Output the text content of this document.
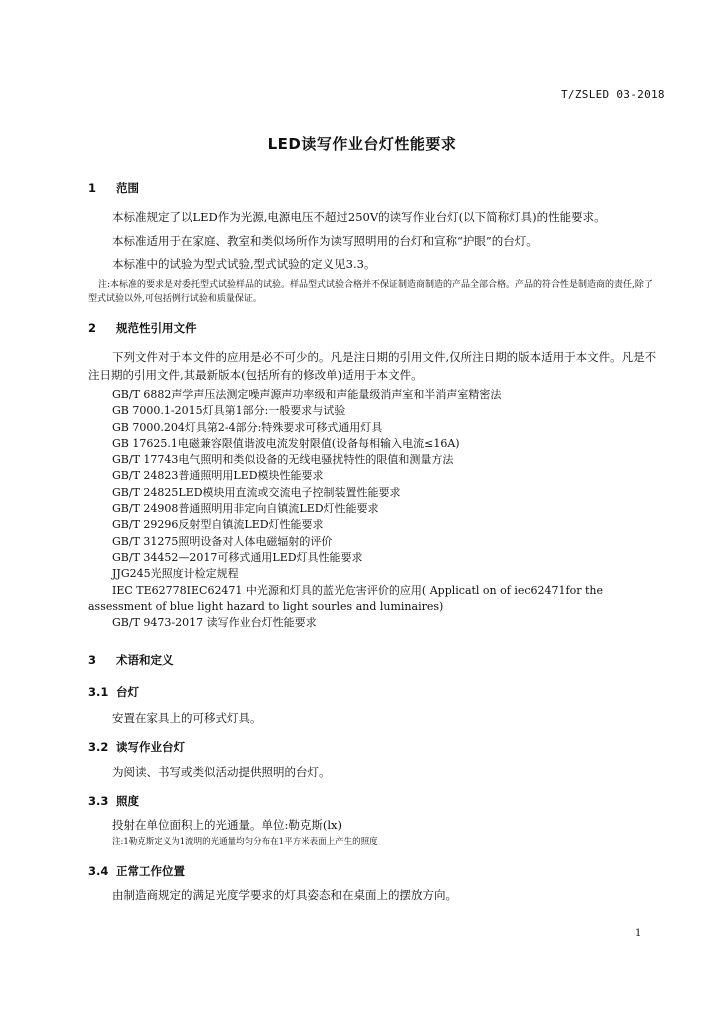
T/ZSLED 03-2018
LED读写作业台灯性能要求
1 范围
本标准规定了以LED作为光源,电源电压不超过250V的读写作业台灯(以下简称灯具)的性能要求。
本标准适用于在家庭、教室和类似场所作为读写照明用的台灯和宣称“护眼”的台灯。
本标准中的试验为型式试验,型式试验的定义见3.3。
注:本标准的要求是对委托型式试验样品的试验。样品型式试验合格并不保证制造商制造的产品全部合格。产品的符合性是制造商的责任,除了型式试验以外,可包括例行试验和质量保证。
2 规范性引用文件
下列文件对于本文件的应用是必不可少的。凡是注日期的引用文件,仅所注日期的版本适用于本文件。凡是不注日期的引用文件,其最新版本(包括所有的修改单)适用于本文件。
GB/T 6882声学声压法测定噪声源声功率级和声能量级消声室和半消声室精密法
GB 7000.1-2015灯具第1部分:一般要求与试验
GB 7000.204灯具第2-4部分:特殊要求可移式通用灯具
GB 17625.1电磁兼容限值谐波电流发射限值(设备每相输入电流≤16A)
GB/T 17743电气照明和类似设备的无线电骚扰特性的限值和测量方法
GB/T 24823普通照明用LED模块性能要求
GB/T 24825LED模块用直流或交流电子控制装置性能要求
GB/T 24908普通照明用非定向自镇流LED灯性能要求
GB/T 29296反射型自镇流LED灯性能要求
GB/T 31275照明设备对人体电磁辐射的评价
GB/T 34452—2017可移式通用LED灯具性能要求
JJG245光照度计检定规程
IEC TE62778IEC62471 中光源和灯具的蓝光危害评价的应用( Applicatl on of iec62471for the assessment of blue light hazard to light sourles and luminaires)
GB/T 9473-2017 读写作业台灯性能要求
3 术语和定义
3.1 台灯
安置在家具上的可移式灯具。
3.2 读写作业台灯
为阅读、书写或类似活动提供照明的台灯。
3.3 照度
投射在单位面积上的光通量。单位:勒克斯(lx)
注:1勒克斯定义为1流明的光通量均匀分布在1平方米表面上产生的照度
3.4 正常工作位置
由制造商规定的满足光度学要求的灯具姿态和在桌面上的摆放方向。
1
